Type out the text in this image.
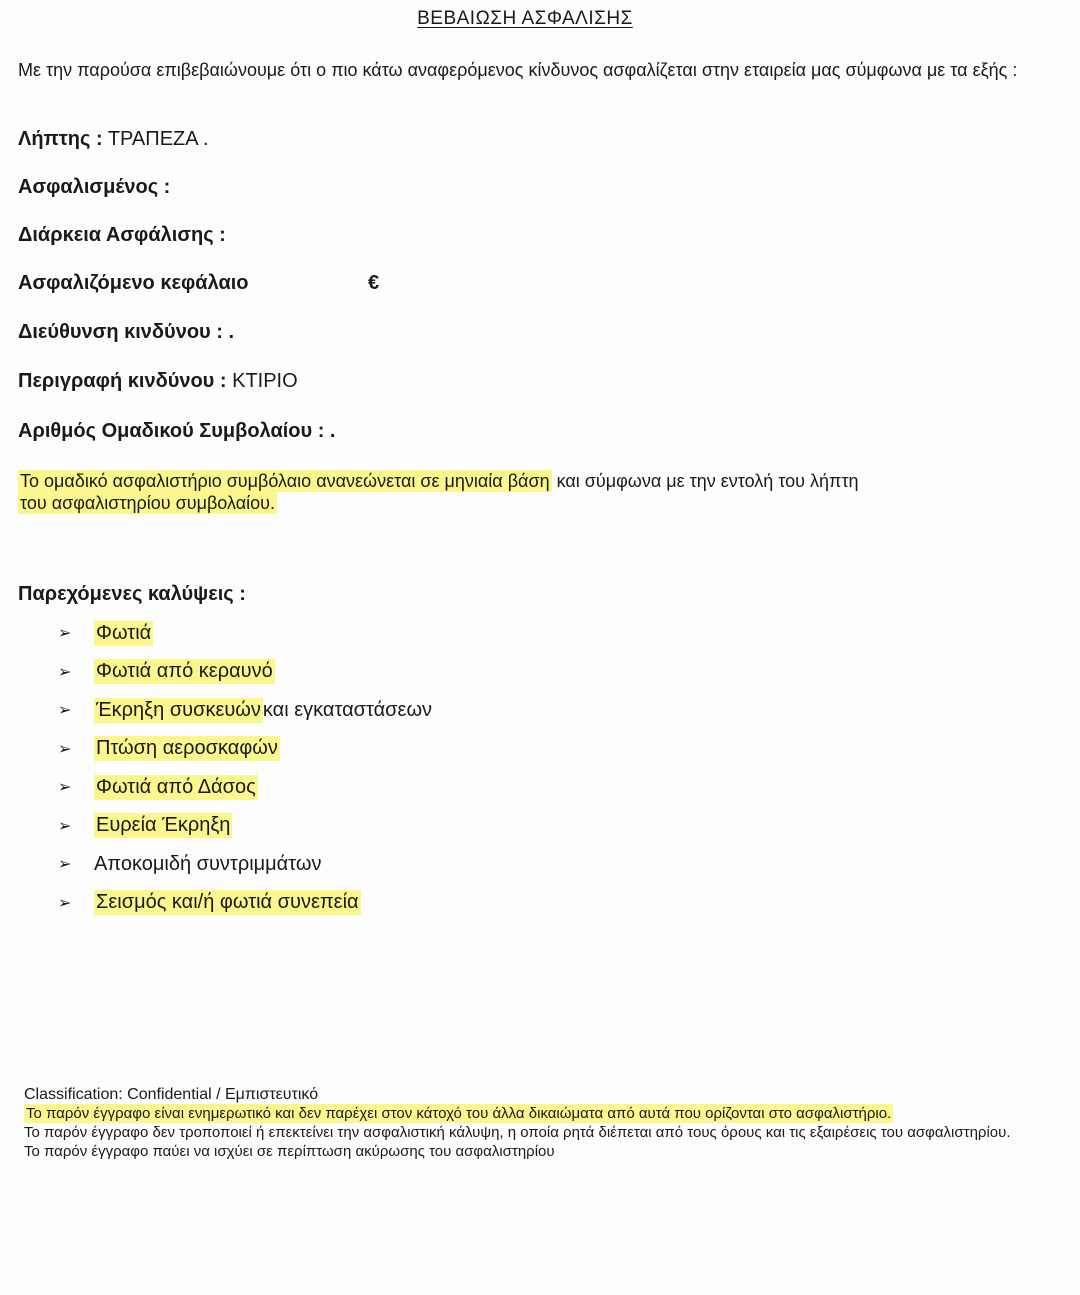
ΒΕΒΑΙΩΣΗ ΑΣΦΑΛΙΣΗΣ
Με την παρούσα επιβεβαιώνουμε ότι ο πιο κάτω αναφερόμενος κίνδυνος ασφαλίζεται στην εταιρεία μας σύμφωνα με τα εξής :
Λήπτης : ΤΡΑΠΕΖΑ .
Ασφαλισμένος :
Διάρκεια Ασφάλισης :
Ασφαλιζόμενο κεφάλαιο	€
Διεύθυνση κινδύνου : .
Περιγραφή κινδύνου : ΚΤΙΡΙΟ
Αριθμός Ομαδικού Συμβολαίου : .
Το ομαδικό ασφαλιστήριο συμβόλαιο ανανεώνεται σε μηνιαία βάση και σύμφωνα με την εντολή του λήπτη
του ασφαλιστηρίου συμβολαίου.
Παρεχόμενες καλύψεις :
➢	Φωτιά
➢	Φωτιά από κεραυνό
➢	Έκρηξη συσκευών και εγκαταστάσεων
➢	Πτώση αεροσκαφών
➢	Φωτιά από Δάσος
➢	Ευρεία Έκρηξη
➢	Αποκομιδή συντριμμάτων
➢	Σεισμός και/ή φωτιά συνεπεία
Classification: Confidential / Εμπιστευτικό
Το παρόν έγγραφο είναι ενημερωτικό και δεν παρέχει στον κάτοχό του άλλα δικαιώματα από αυτά που ορίζονται στο ασφαλιστήριο.
Το παρόν έγγραφο δεν τροποποιεί ή επεκτείνει την ασφαλιστική κάλυψη, η οποία ρητά διέπεται από τους όρους και τις εξαιρέσεις του ασφαλιστηρίου.
Το παρόν έγγραφο παύει να ισχύει σε περίπτωση ακύρωσης του ασφαλιστηρίου
